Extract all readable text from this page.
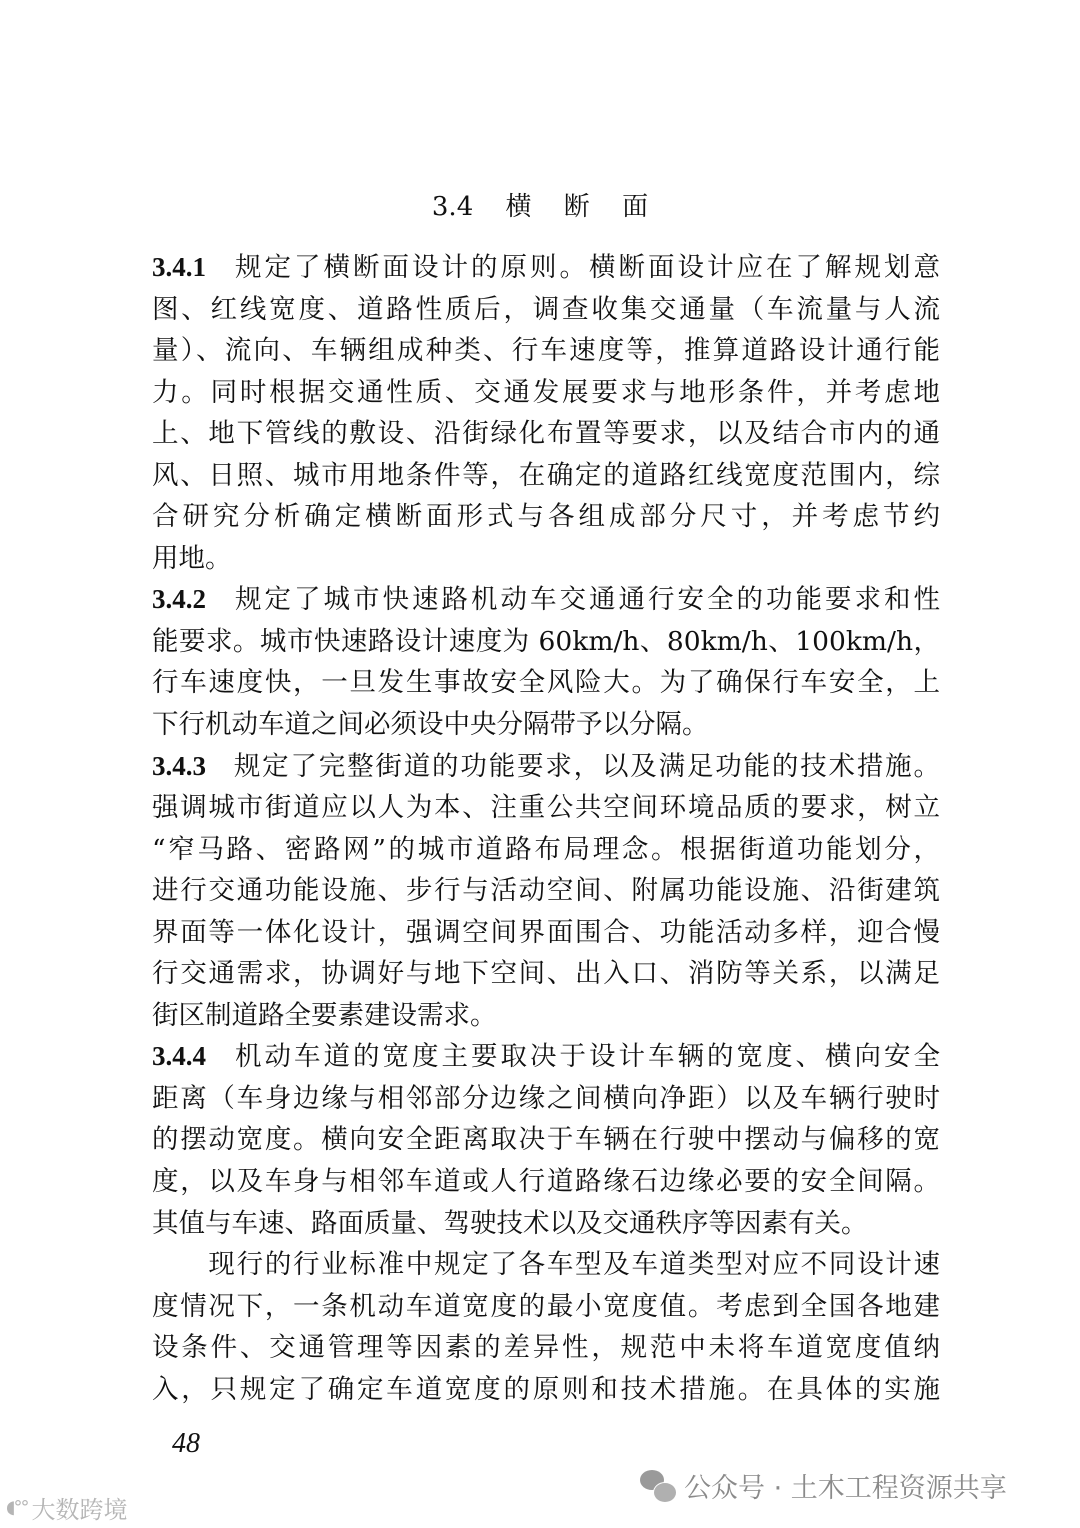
3.4 横 断 面
3.4.1 规定了横断面设计的原则。横断面设计应在了解规划意
图、红线宽度、道路性质后，调查收集交通量（车流量与人流
量）、流向、车辆组成种类、行车速度等，推算道路设计通行能
力。同时根据交通性质、交通发展要求与地形条件，并考虑地
上、地下管线的敷设、沿街绿化布置等要求，以及结合市内的通
风、日照、城市用地条件等，在确定的道路红线宽度范围内，综
合研究分析确定横断面形式与各组成部分尺寸，并考虑节约
用地。
3.4.2 规定了城市快速路机动车交通通行安全的功能要求和性
能要求。城市快速路设计速度为 60km/h、80km/h、100km/h，
行车速度快，一旦发生事故安全风险大。为了确保行车安全，上
下行机动车道之间必须设中央分隔带予以分隔。
3.4.3 规定了完整街道的功能要求，以及满足功能的技术措施。
强调城市街道应以人为本、注重公共空间环境品质的要求，树立
“窄马路、密路网”的城市道路布局理念。根据街道功能划分，
进行交通功能设施、步行与活动空间、附属功能设施、沿街建筑
界面等一体化设计，强调空间界面围合、功能活动多样，迎合慢
行交通需求，协调好与地下空间、出入口、消防等关系，以满足
街区制道路全要素建设需求。
3.4.4 机动车道的宽度主要取决于设计车辆的宽度、横向安全
距离（车身边缘与相邻部分边缘之间横向净距）以及车辆行驶时
的摆动宽度。横向安全距离取决于车辆在行驶中摆动与偏移的宽
度，以及车身与相邻车道或人行道路缘石边缘必要的安全间隔。
其值与车速、路面质量、驾驶技术以及交通秩序等因素有关。
　　现行的行业标准中规定了各车型及车道类型对应不同设计速
度情况下，一条机动车道宽度的最小宽度值。考虑到全国各地建
设条件、交通管理等因素的差异性，规范中未将车道宽度值纳
入，只规定了确定车道宽度的原则和技术措施。在具体的实施
48
公众号 · 土木工程资源共享
◖°° 大数跨境
